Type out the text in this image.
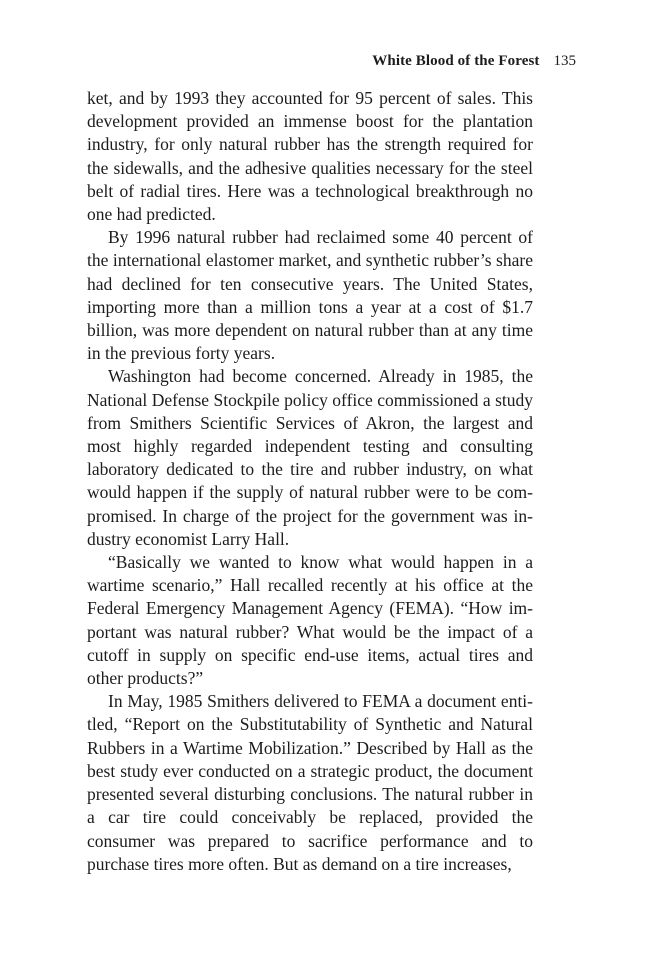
White Blood of the Forest 135

ket, and by 1993 they accounted for 95 percent of sales. This development provided an immense boost for the plantation industry, for only natural rubber has the strength required for the sidewalls, and the adhesive qualities necessary for the steel belt of radial tires. Here was a technological breakthrough no one had predicted.

By 1996 natural rubber had reclaimed some 40 percent of the international elastomer market, and synthetic rubber’s share had declined for ten consecutive years. The United States, importing more than a million tons a year at a cost of $1.7 billion, was more dependent on natural rubber than at any time in the previous forty years.

Washington had become concerned. Already in 1985, the National Defense Stockpile policy office commissioned a study from Smithers Scientific Services of Akron, the largest and most highly regarded independent testing and consulting laboratory dedicated to the tire and rubber industry, on what would happen if the supply of natural rubber were to be compromised. In charge of the project for the government was industry economist Larry Hall.

“Basically we wanted to know what would happen in a wartime scenario,” Hall recalled recently at his office at the Federal Emergency Management Agency (FEMA). “How important was natural rubber? What would be the impact of a cutoff in supply on specific end-use items, actual tires and other products?”

In May, 1985 Smithers delivered to FEMA a document entitled, “Report on the Substitutability of Synthetic and Natural Rubbers in a Wartime Mobilization.” Described by Hall as the best study ever conducted on a strategic product, the document presented several disturbing conclusions. The natural rubber in a car tire could conceivably be replaced, provided the consumer was prepared to sacrifice performance and to purchase tires more often. But as demand on a tire increases,
